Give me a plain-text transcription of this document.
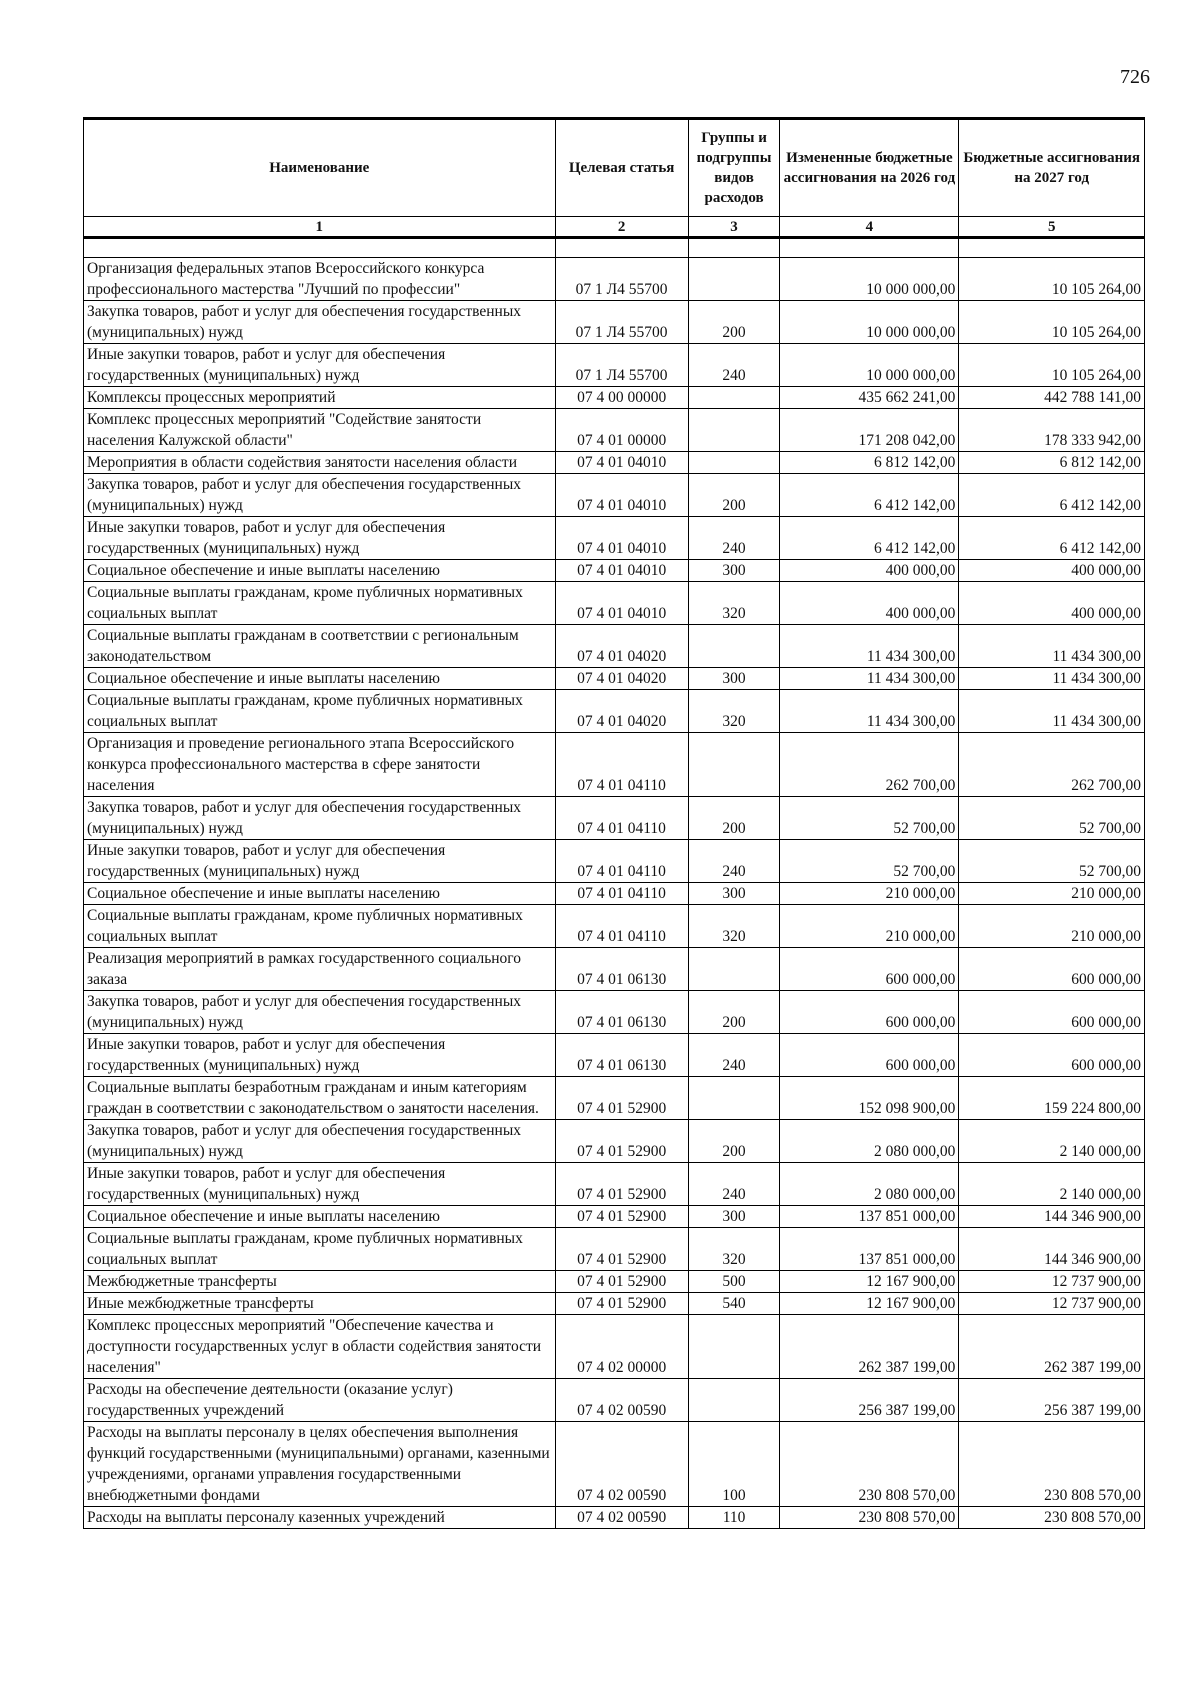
726
Наименование	Целевая статья	Группы и подгруппы видов расходов	Измененные бюджетные ассигнования на 2026 год	Бюджетные ассигнования на 2027 год
1	2	3	4	5

Организация федеральных этапов Всероссийского конкурса профессионального мастерства "Лучший по профессии"	07 1 Л4 55700		10 000 000,00	10 105 264,00
Закупка товаров, работ и услуг для обеспечения государственных (муниципальных) нужд	07 1 Л4 55700	200	10 000 000,00	10 105 264,00
Иные закупки товаров, работ и услуг для обеспечения государственных (муниципальных) нужд	07 1 Л4 55700	240	10 000 000,00	10 105 264,00
Комплексы процессных мероприятий	07 4 00 00000		435 662 241,00	442 788 141,00
Комплекс процессных мероприятий "Содействие занятости населения Калужской области"	07 4 01 00000		171 208 042,00	178 333 942,00
Мероприятия в области содействия занятости населения области	07 4 01 04010		6 812 142,00	6 812 142,00
Закупка товаров, работ и услуг для обеспечения государственных (муниципальных) нужд	07 4 01 04010	200	6 412 142,00	6 412 142,00
Иные закупки товаров, работ и услуг для обеспечения государственных (муниципальных) нужд	07 4 01 04010	240	6 412 142,00	6 412 142,00
Социальное обеспечение и иные выплаты населению	07 4 01 04010	300	400 000,00	400 000,00
Социальные выплаты гражданам, кроме публичных нормативных социальных выплат	07 4 01 04010	320	400 000,00	400 000,00
Социальные выплаты гражданам в соответствии с региональным законодательством	07 4 01 04020		11 434 300,00	11 434 300,00
Социальное обеспечение и иные выплаты населению	07 4 01 04020	300	11 434 300,00	11 434 300,00
Социальные выплаты гражданам, кроме публичных нормативных социальных выплат	07 4 01 04020	320	11 434 300,00	11 434 300,00
Организация и проведение регионального этапа Всероссийского конкурса профессионального мастерства в сфере занятости населения	07 4 01 04110		262 700,00	262 700,00
Закупка товаров, работ и услуг для обеспечения государственных (муниципальных) нужд	07 4 01 04110	200	52 700,00	52 700,00
Иные закупки товаров, работ и услуг для обеспечения государственных (муниципальных) нужд	07 4 01 04110	240	52 700,00	52 700,00
Социальное обеспечение и иные выплаты населению	07 4 01 04110	300	210 000,00	210 000,00
Социальные выплаты гражданам, кроме публичных нормативных социальных выплат	07 4 01 04110	320	210 000,00	210 000,00
Реализация мероприятий в рамках государственного социального заказа	07 4 01 06130		600 000,00	600 000,00
Закупка товаров, работ и услуг для обеспечения государственных (муниципальных) нужд	07 4 01 06130	200	600 000,00	600 000,00
Иные закупки товаров, работ и услуг для обеспечения государственных (муниципальных) нужд	07 4 01 06130	240	600 000,00	600 000,00
Социальные выплаты безработным гражданам и иным категориям граждан в соответствии с законодательством о занятости населения.	07 4 01 52900		152 098 900,00	159 224 800,00
Закупка товаров, работ и услуг для обеспечения государственных (муниципальных) нужд	07 4 01 52900	200	2 080 000,00	2 140 000,00
Иные закупки товаров, работ и услуг для обеспечения государственных (муниципальных) нужд	07 4 01 52900	240	2 080 000,00	2 140 000,00
Социальное обеспечение и иные выплаты населению	07 4 01 52900	300	137 851 000,00	144 346 900,00
Социальные выплаты гражданам, кроме публичных нормативных социальных выплат	07 4 01 52900	320	137 851 000,00	144 346 900,00
Межбюджетные трансферты	07 4 01 52900	500	12 167 900,00	12 737 900,00
Иные межбюджетные трансферты	07 4 01 52900	540	12 167 900,00	12 737 900,00
Комплекс процессных мероприятий "Обеспечение качества и доступности государственных услуг в области содействия занятости населения"	07 4 02 00000		262 387 199,00	262 387 199,00
Расходы на обеспечение деятельности (оказание услуг) государственных учреждений	07 4 02 00590		256 387 199,00	256 387 199,00
Расходы на выплаты персоналу в целях обеспечения выполнения функций государственными (муниципальными) органами, казенными учреждениями, органами управления государственными внебюджетными фондами	07 4 02 00590	100	230 808 570,00	230 808 570,00
Расходы на выплаты персоналу казенных учреждений	07 4 02 00590	110	230 808 570,00	230 808 570,00
